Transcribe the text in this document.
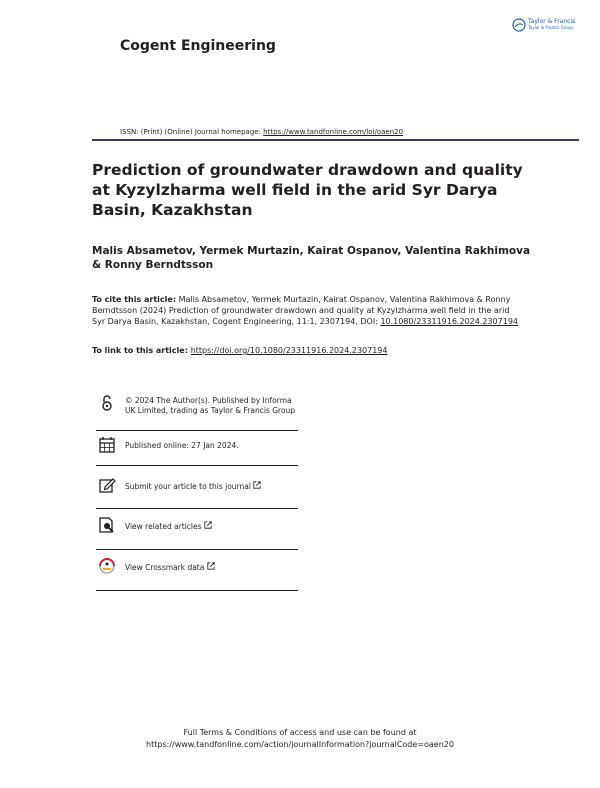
Cogent Engineering
Taylor & Francis
Taylor & Francis Group
ISSN: (Print) (Online) Journal homepage: https://www.tandfonline.com/loi/oaen20
Prediction of groundwater drawdown and quality at Kyzylzharma well field in the arid Syr Darya Basin, Kazakhstan
Malis Absametov, Yermek Murtazin, Kairat Ospanov, Valentina Rakhimova & Ronny Berndtsson
To cite this article: Malis Absametov, Yermek Murtazin, Kairat Ospanov, Valentina Rakhimova & Ronny Berndtsson (2024) Prediction of groundwater drawdown and quality at Kyzylzharma well field in the arid Syr Darya Basin, Kazakhstan, Cogent Engineering, 11:1, 2307194, DOI: 10.1080/23311916.2024.2307194
To link to this article: https://doi.org/10.1080/23311916.2024.2307194
© 2024 The Author(s). Published by Informa UK Limited, trading as Taylor & Francis Group
Published online: 27 Jan 2024.
Submit your article to this journal
View related articles
View Crossmark data
Full Terms & Conditions of access and use can be found at
https://www.tandfonline.com/action/journalInformation?journalCode=oaen20
